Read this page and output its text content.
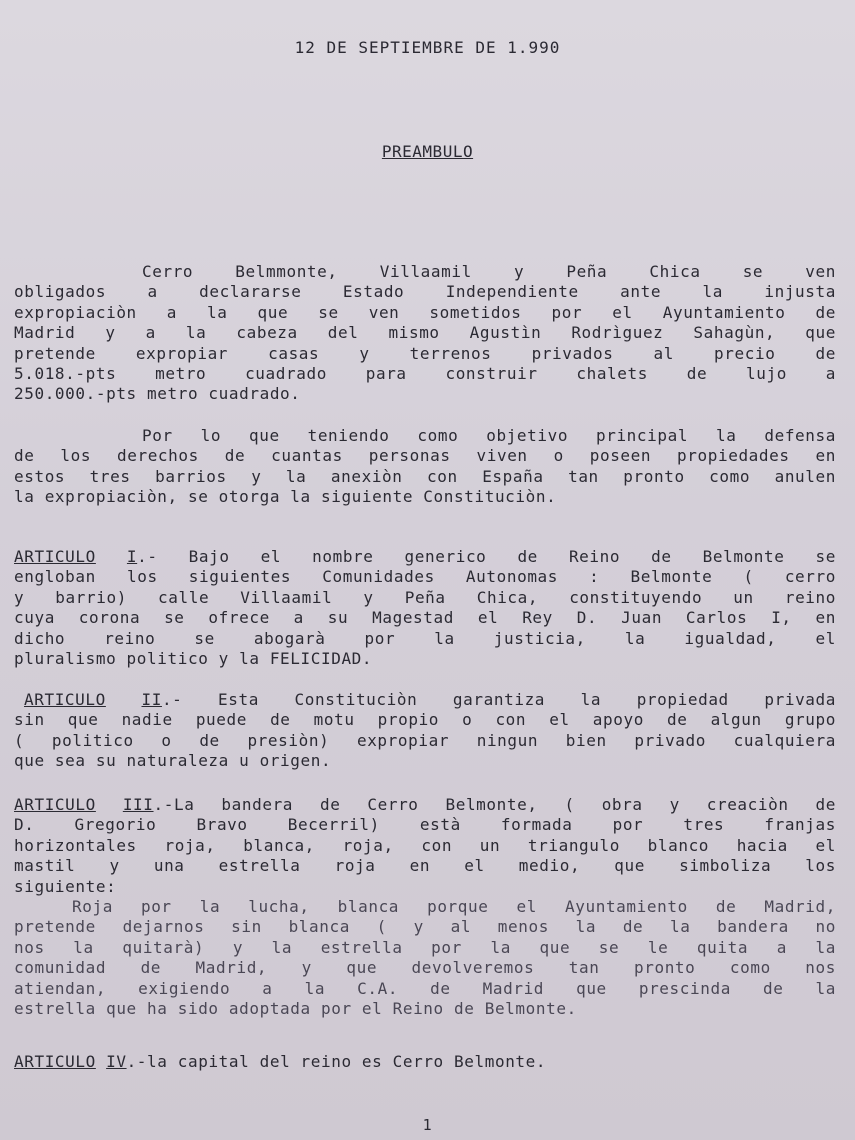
12 DE SEPTIEMBRE DE 1.990
PREAMBULO
Cerro Belmmonte, Villaamil y Peña Chica se ven
obligados a declararse Estado Independiente ante la injusta
expropiaciòn a la que se ven sometidos por el Ayuntamiento de
Madrid y a la cabeza del mismo Agustìn Rodrìguez Sahagùn, que
pretende expropiar casas y terrenos privados al precio de
5.018.-pts metro cuadrado para construir chalets de lujo a
250.000.-pts metro cuadrado.
Por lo que teniendo como objetivo principal la defensa
de los derechos de cuantas personas viven o poseen propiedades en
estos tres barrios y la anexiòn con España tan pronto como anulen
la expropiaciòn, se otorga la siguiente Constituciòn.
ARTICULO I.- Bajo el nombre generico de Reino de Belmonte se
engloban los siguientes Comunidades Autonomas : Belmonte ( cerro
y barrio) calle Villaamil y Peña Chica, constituyendo un reino
cuya corona se ofrece a su Magestad el Rey D. Juan Carlos I, en
dicho reino se abogarà por la justicia, la igualdad, el
pluralismo politico y la FELICIDAD.
ARTICULO II.- Esta Constituciòn garantiza la propiedad privada
sin que nadie puede de motu propio o con el apoyo de algun grupo
( politico o de presiòn) expropiar ningun bien privado cualquiera
que sea su naturaleza u origen.
ARTICULO III.-La bandera de Cerro Belmonte, ( obra y creaciòn de
D. Gregorio Bravo Becerril) està formada por tres franjas
horizontales roja, blanca, roja, con un triangulo blanco hacia el
mastil y una estrella roja en el medio, que simboliza los
siguiente:
Roja por la lucha, blanca porque el Ayuntamiento de Madrid,
pretende dejarnos sin blanca ( y al menos la de la bandera no
nos la quitarà) y la estrella por la que se le quita a la
comunidad de Madrid, y que devolveremos tan pronto como nos
atiendan, exigiendo a la C.A. de Madrid que prescinda de la
estrella que ha sido adoptada por el Reino de Belmonte.
ARTICULO IV.-la capital del reino es Cerro Belmonte.
1
